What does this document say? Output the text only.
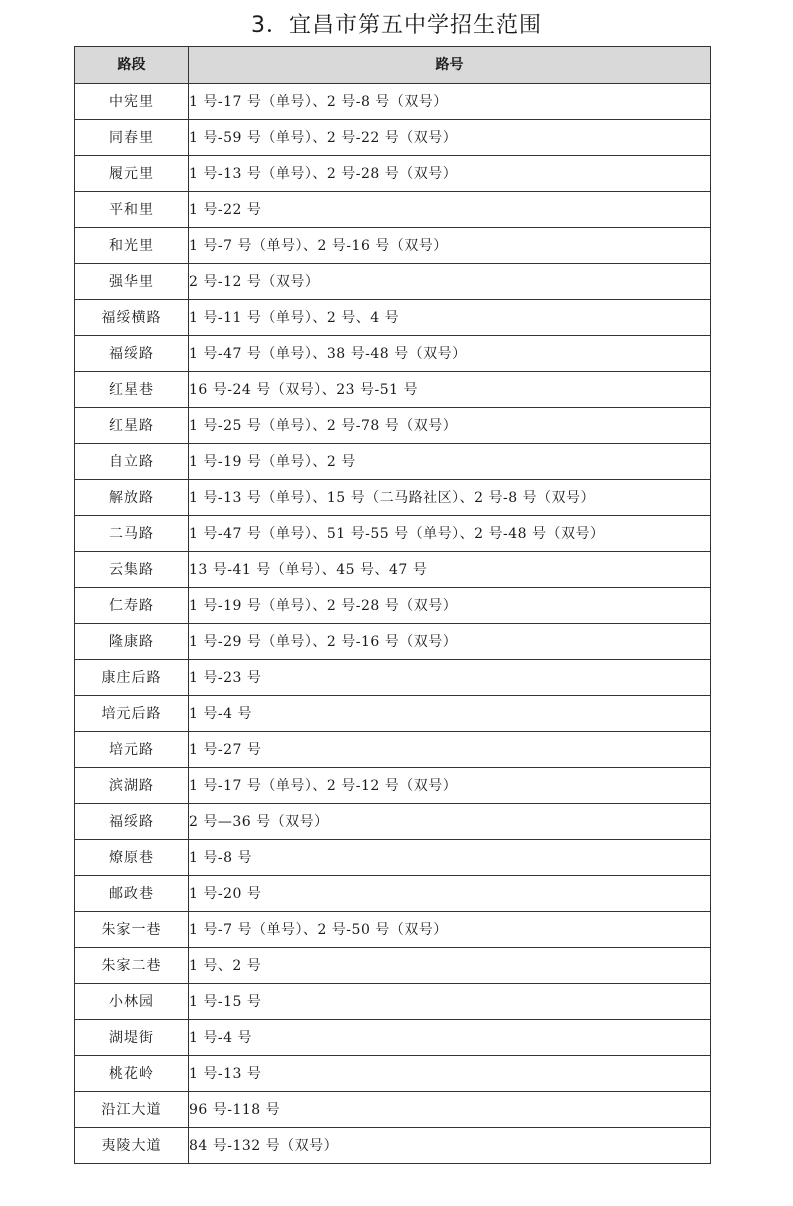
3．宜昌市第五中学招生范围
路段	路号
中宪里	1 号-17 号（单号）、2 号-8 号（双号）
同春里	1 号-59 号（单号）、2 号-22 号（双号）
履元里	1 号-13 号（单号）、2 号-28 号（双号）
平和里	1 号-22 号
和光里	1 号-7 号（单号）、2 号-16 号（双号）
强华里	2 号-12 号（双号）
福绥横路	1 号-11 号（单号）、2 号、4 号
福绥路	1 号-47 号（单号）、38 号-48 号（双号）
红星巷	16 号-24 号（双号）、23 号-51 号
红星路	1 号-25 号（单号）、2 号-78 号（双号）
自立路	1 号-19 号（单号）、2 号
解放路	1 号-13 号（单号）、15 号（二马路社区）、2 号-8 号（双号）
二马路	1 号-47 号（单号）、51 号-55 号（单号）、2 号-48 号（双号）
云集路	13 号-41 号（单号）、45 号、47 号
仁寿路	1 号-19 号（单号）、2 号-28 号（双号）
隆康路	1 号-29 号（单号）、2 号-16 号（双号）
康庄后路	1 号-23 号
培元后路	1 号-4 号
培元路	1 号-27 号
滨湖路	1 号-17 号（单号）、2 号-12 号（双号）
福绥路	2 号—36 号（双号）
燎原巷	1 号-8 号
邮政巷	1 号-20 号
朱家一巷	1 号-7 号（单号）、2 号-50 号（双号）
朱家二巷	1 号、2 号
小林园	1 号-15 号
湖堤街	1 号-4 号
桃花岭	1 号-13 号
沿江大道	96 号-118 号
夷陵大道	84 号-132 号（双号）
